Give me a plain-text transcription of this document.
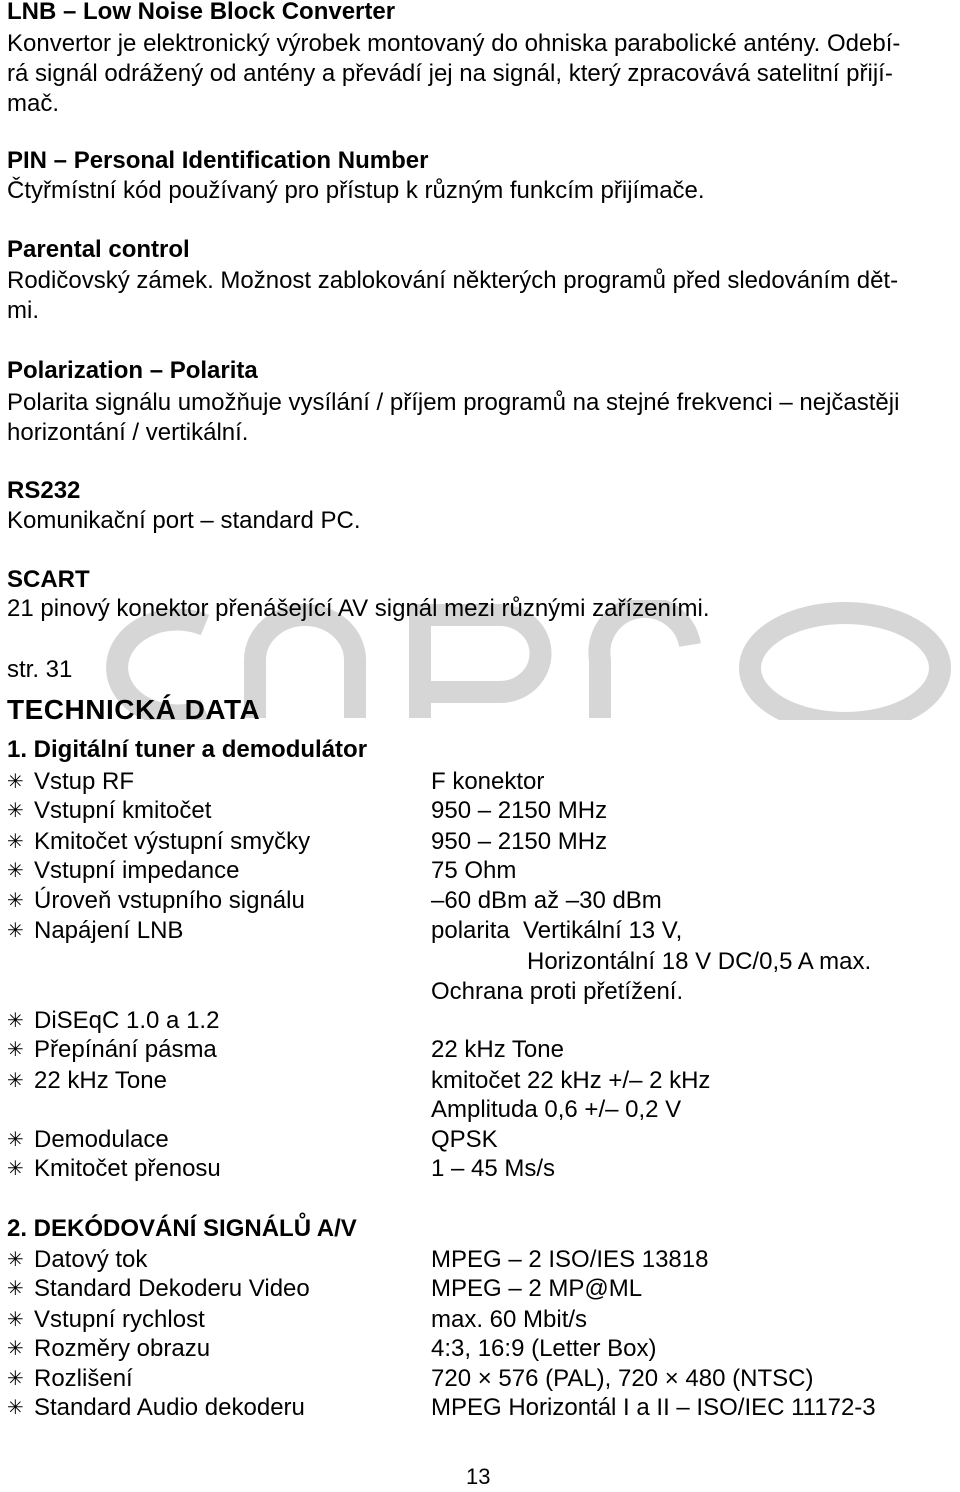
LNB – Low Noise Block Converter
Konvertor je elektronický výrobek montovaný do ohniska parabolické antény. Odebí-
rá signál odrážený od antény a převádí jej na signál, který zpracovává satelitní přijí-
mač.
PIN – Personal Identification Number
Čtyřmístní kód používaný pro přístup k různým funkcím přijímače.
Parental control
Rodičovský zámek. Možnost zablokování některých programů před sledováním dět-
mi.
Polarization – Polarita
Polarita signálu umožňuje vysílání / příjem programů na stejné frekvenci – nejčastěji
horizontání / vertikální.
RS232
Komunikační port – standard PC.
SCART
21 pinový konektor přenášející AV signál mezi různými zařízeními.
str. 31
TECHNICKÁ DATA
1. Digitální tuner a demodulátor
✳ Vstup RF	F konektor
✳ Vstupní kmitočet	950 – 2150 MHz
✳ Kmitočet výstupní smyčky	950 – 2150 MHz
✳ Vstupní impedance	75 Ohm
✳ Úroveň vstupního signálu	–60 dBm až –30 dBm
✳ Napájení LNB	polarita  Vertikální 13 V,
Horizontální 18 V DC/0,5 A max.
Ochrana proti přetížení.
✳ DiSEqC 1.0 a 1.2
✳ Přepínání pásma	22 kHz Tone
✳ 22 kHz Tone	kmitočet 22 kHz +/– 2 kHz
Amplituda 0,6 +/– 0,2 V
✳ Demodulace	QPSK
✳ Kmitočet přenosu	1 – 45 Ms/s
2. DEKÓDOVÁNÍ SIGNÁLŮ A/V
✳ Datový tok	MPEG – 2 ISO/IES 13818
✳ Standard Dekoderu Video	MPEG – 2 MP@ML
✳ Vstupní rychlost	max. 60 Mbit/s
✳ Rozměry obrazu	4:3, 16:9 (Letter Box)
✳ Rozlišení	720 × 576 (PAL), 720 × 480 (NTSC)
✳ Standard Audio dekoderu	MPEG Horizontál I a II – ISO/IEC 11172-3
13
